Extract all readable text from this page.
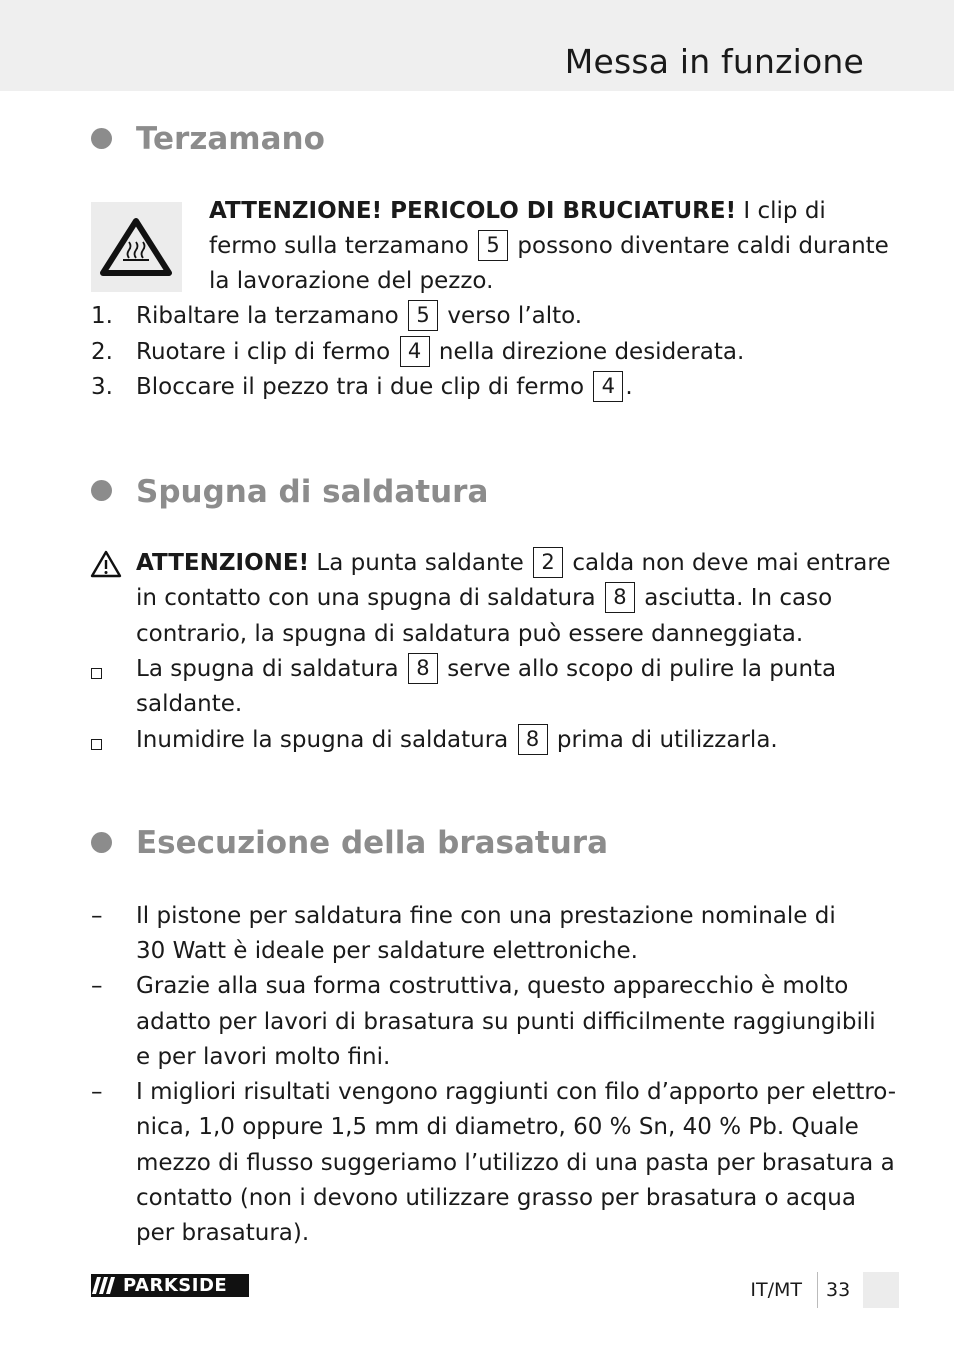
Messa in funzione
Terzamano
ATTENZIONE! PERICOLO DI BRUCIATURE! I clip di
fermo sulla terzamano 5 possono diventare caldi durante
la lavorazione del pezzo.
1. Ribaltare la terzamano 5 verso l’alto.
2. Ruotare i clip di fermo 4 nella direzione desiderata.
3. Bloccare il pezzo tra i due clip di fermo 4 .
Spugna di saldatura
ATTENZIONE! La punta saldante 2 calda non deve mai entrare
in contatto con una spugna di saldatura 8 asciutta. In caso
contrario, la spugna di saldatura può essere danneggiata.
La spugna di saldatura 8 serve allo scopo di pulire la punta
saldante.
Inumidire la spugna di saldatura 8 prima di utilizzarla.
Esecuzione della brasatura
– Il pistone per saldatura fine con una prestazione nominale di
30 Watt è ideale per saldature elettroniche.
– Grazie alla sua forma costruttiva, questo apparecchio è molto
adatto per lavori di brasatura su punti difficilmente raggiungibili
e per lavori molto fini.
– I migliori risultati vengono raggiunti con filo d’apporto per elettro-
nica, 1,0 oppure 1,5 mm di diametro, 60 % Sn, 40 % Pb. Quale
mezzo di flusso suggeriamo l’utilizzo di una pasta per brasatura a
contatto (non i devono utilizzare grasso per brasatura o acqua
per brasatura).
PARKSIDE	IT/MT 33
